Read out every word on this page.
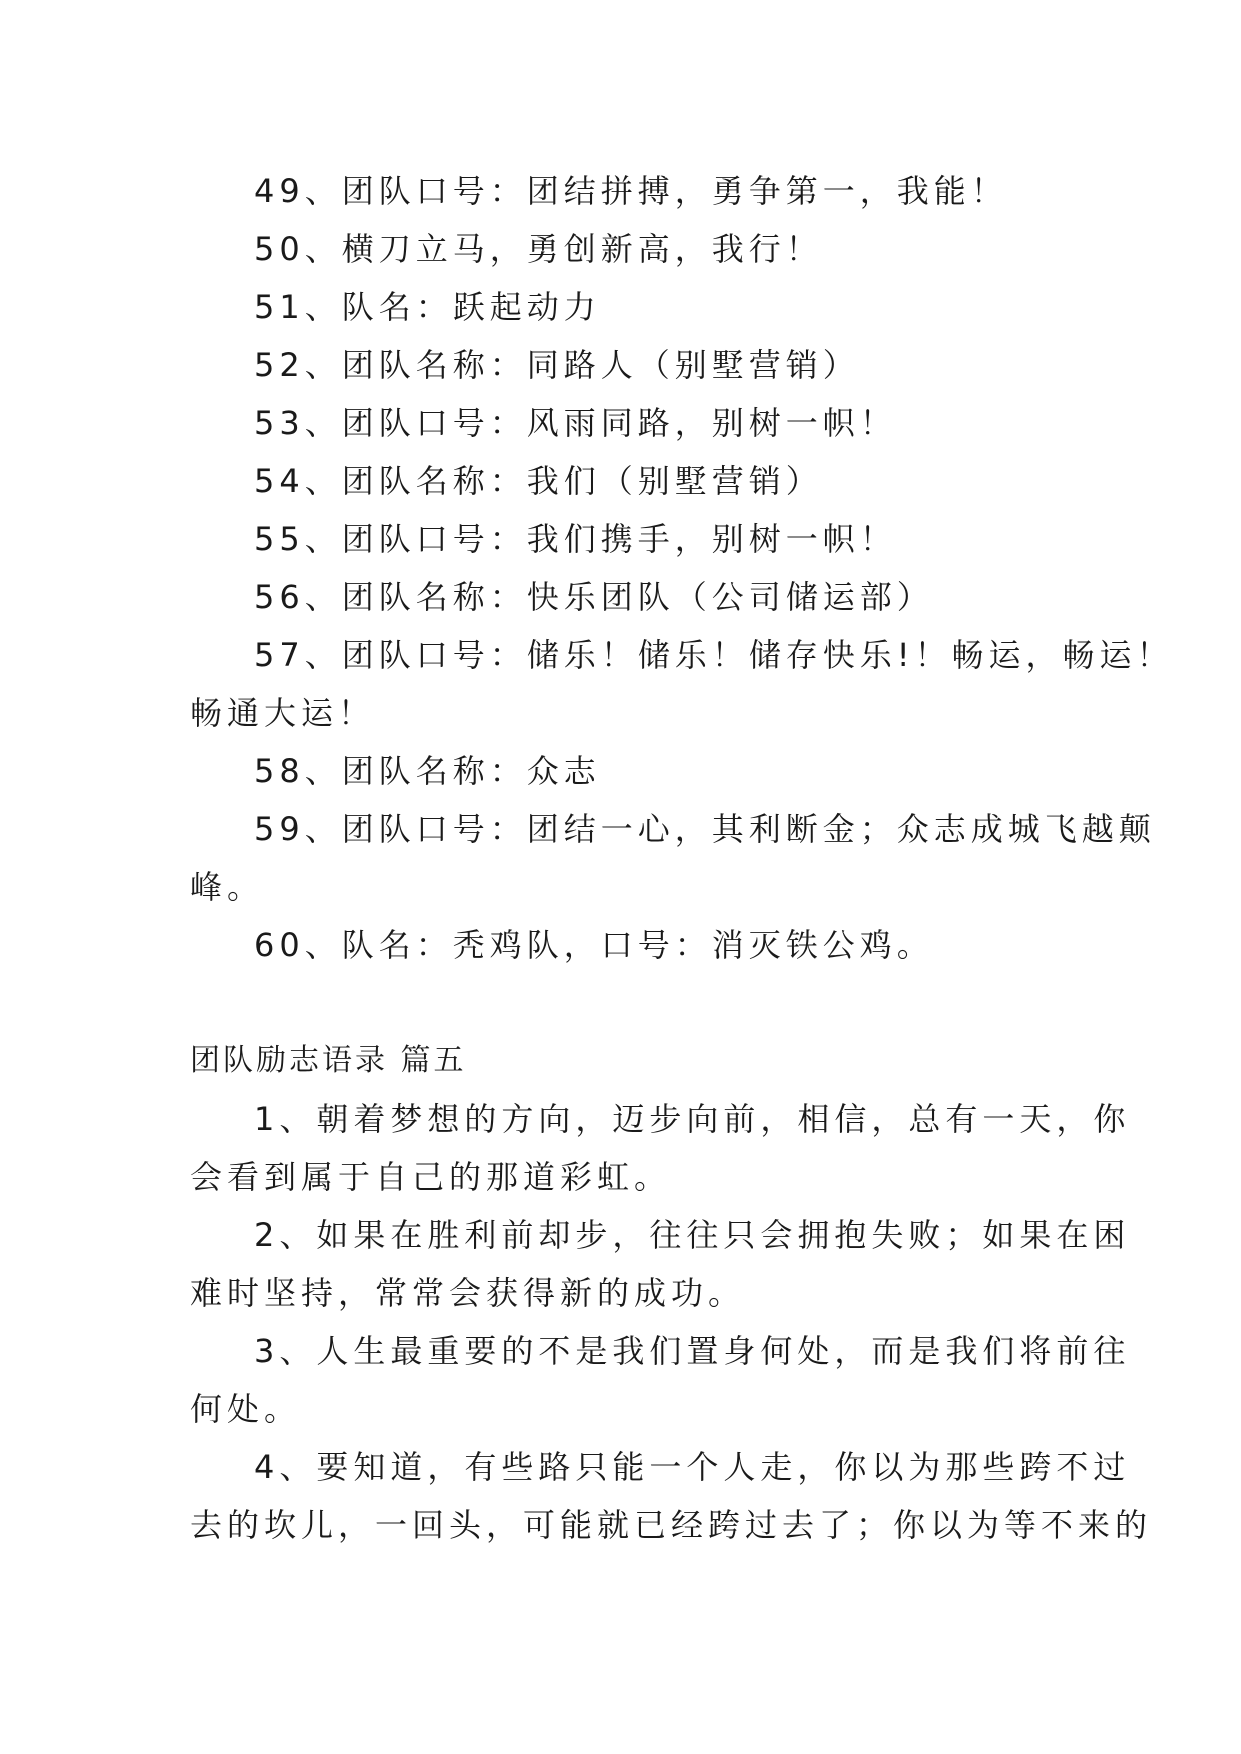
49、团队口号：团结拼搏，勇争第一，我能！
50、横刀立马，勇创新高，我行！
51、队名：跃起动力
52、团队名称：同路人（别墅营销）
53、团队口号：风雨同路，别树一帜！
54、团队名称：我们（别墅营销）
55、团队口号：我们携手，别树一帜！
56、团队名称：快乐团队（公司储运部）
57、团队口号：储乐！储乐！储存快乐!！畅运，畅运！
畅通大运！
58、团队名称：众志
59、团队口号：团结一心，其利断金；众志成城飞越颠
峰。
60、队名：秃鸡队，口号：消灭铁公鸡。
团队励志语录 篇五
1、朝着梦想的方向，迈步向前，相信，总有一天，你
会看到属于自己的那道彩虹。
2、如果在胜利前却步，往往只会拥抱失败；如果在困
难时坚持，常常会获得新的成功。
3、人生最重要的不是我们置身何处，而是我们将前往
何处。
4、要知道，有些路只能一个人走，你以为那些跨不过
去的坎儿，一回头，可能就已经跨过去了；你以为等不来的
